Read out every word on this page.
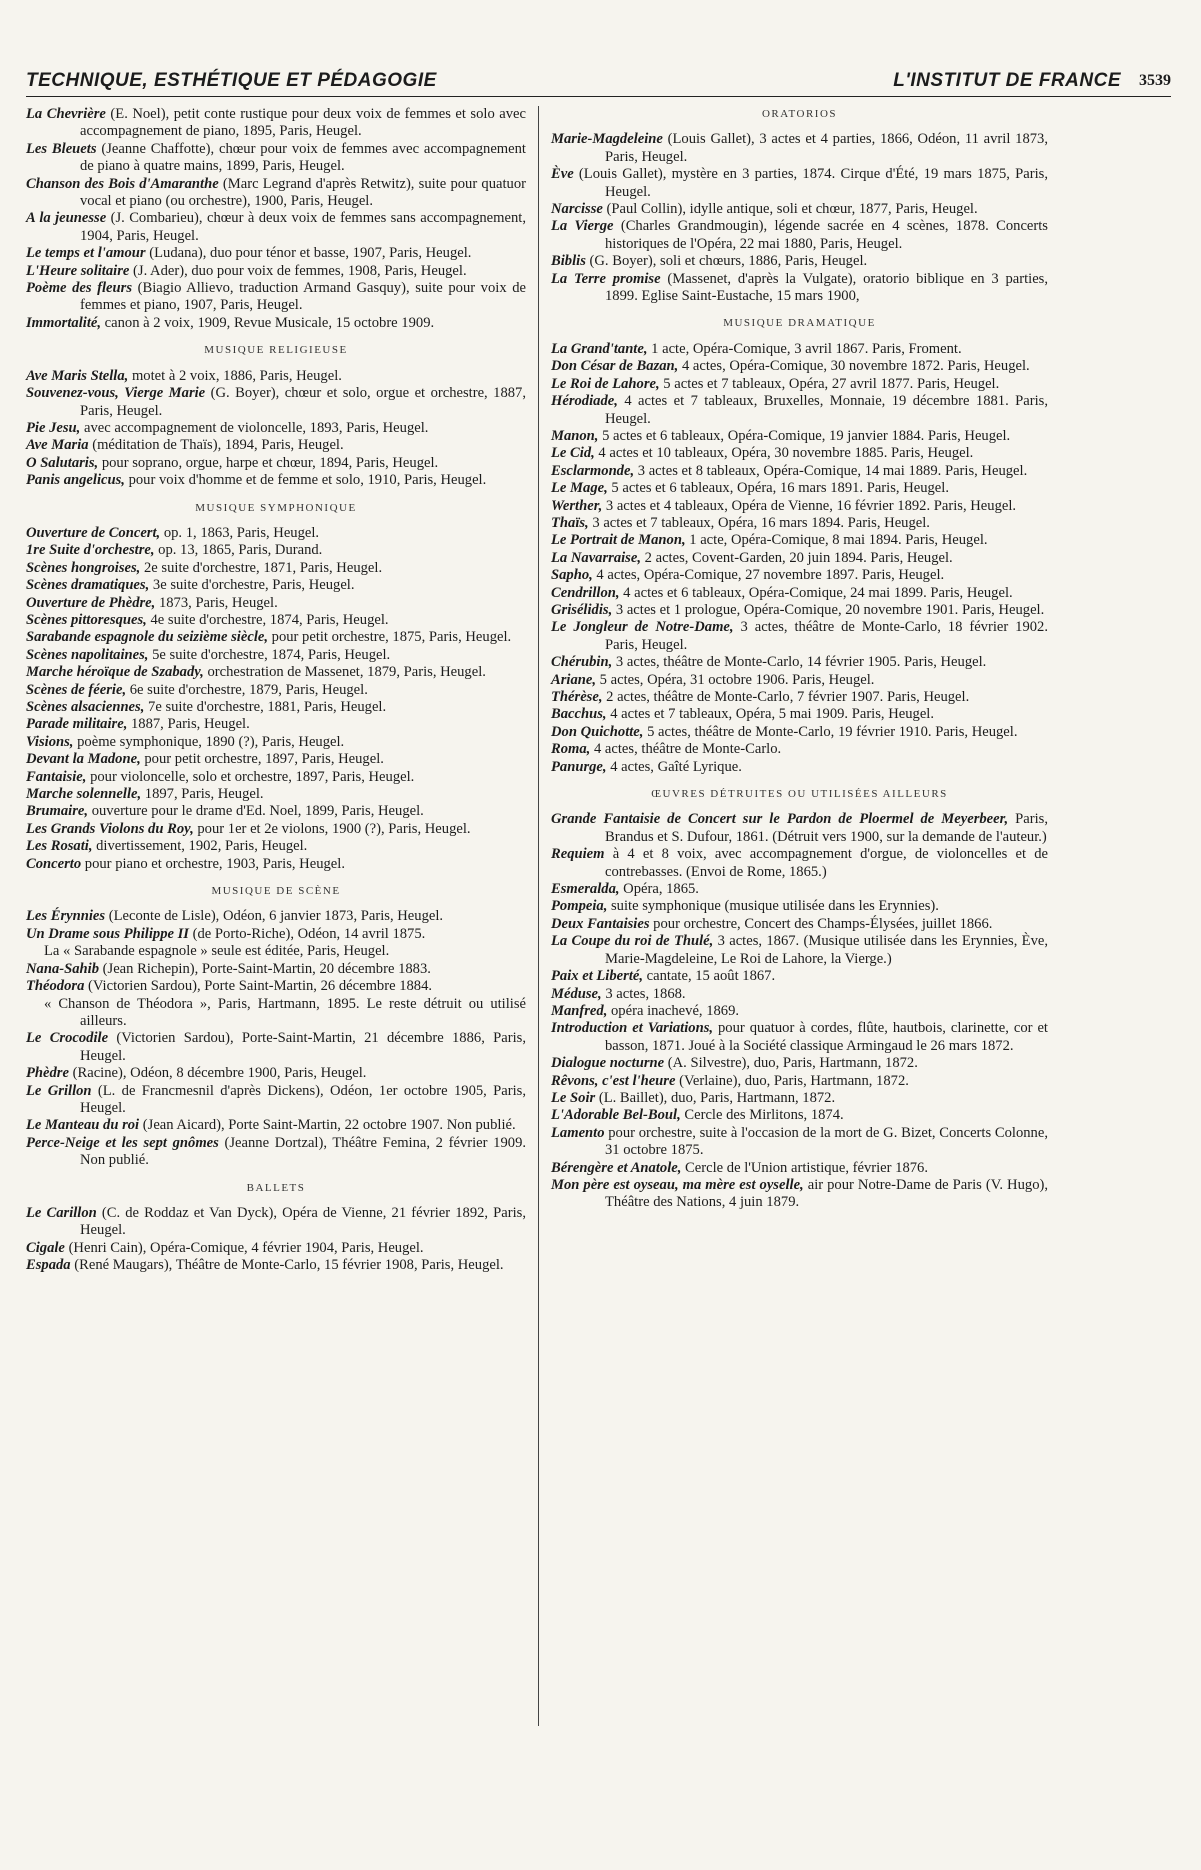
TECHNIQUE, ESTHÉTIQUE ET PÉDAGOGIE	L'INSTITUT DE FRANCE 3539
La Chevrière (E. Noel), petit conte rustique pour deux voix de femmes et solo avec accompagnement de piano, 1895, Paris, Heugel.
Les Bleuets (Jeanne Chaffotte), chœur pour voix de femmes avec accompagnement de piano à quatre mains, 1899, Paris, Heugel.
Chanson des Bois d'Amaranthe (Marc Legrand d'après Retwitz), suite pour quatuor vocal et piano (ou orchestre), 1900, Paris, Heugel.
A la jeunesse (J. Combarieu), chœur à deux voix de femmes sans accompagnement, 1904, Paris, Heugel.
Le temps et l'amour (Ludana), duo pour ténor et basse, 1907, Paris, Heugel.
L'Heure solitaire (J. Ader), duo pour voix de femmes, 1908, Paris, Heugel.
Poème des fleurs (Biagio Allievo, traduction Armand Gasquy), suite pour voix de femmes et piano, 1907, Paris, Heugel.
Immortalité, canon à 2 voix, 1909, Revue Musicale, 15 octobre 1909.
MUSIQUE RELIGIEUSE
Ave Maris Stella, motet à 2 voix, 1886, Paris, Heugel.
Souvenez-vous, Vierge Marie (G. Boyer), chœur et solo, orgue et orchestre, 1887, Paris, Heugel.
Pie Jesu, avec accompagnement de violoncelle, 1893, Paris, Heugel.
Ave Maria (méditation de Thaïs), 1894, Paris, Heugel.
O Salutaris, pour soprano, orgue, harpe et chœur, 1894, Paris, Heugel.
Panis angelicus, pour voix d'homme et de femme et solo, 1910, Paris, Heugel.
MUSIQUE SYMPHONIQUE
Ouverture de Concert, op. 1, 1863, Paris, Heugel.
1re Suite d'orchestre, op. 13, 1865, Paris, Durand.
Scènes hongroises, 2e suite d'orchestre, 1871, Paris, Heugel.
Scènes dramatiques, 3e suite d'orchestre, Paris, Heugel.
Ouverture de Phèdre, 1873, Paris, Heugel.
Scènes pittoresques, 4e suite d'orchestre, 1874, Paris, Heugel.
Sarabande espagnole du seizième siècle, pour petit orchestre, 1875, Paris, Heugel.
Scènes napolitaines, 5e suite d'orchestre, 1874, Paris, Heugel.
Marche héroïque de Szabady, orchestration de Massenet, 1879, Paris, Heugel.
Scènes de féerie, 6e suite d'orchestre, 1879, Paris, Heugel.
Scènes alsaciennes, 7e suite d'orchestre, 1881, Paris, Heugel.
Parade militaire, 1887, Paris, Heugel.
Visions, poème symphonique, 1890 (?), Paris, Heugel.
Devant la Madone, pour petit orchestre, 1897, Paris, Heugel.
Fantaisie, pour violoncelle, solo et orchestre, 1897, Paris, Heugel.
Marche solennelle, 1897, Paris, Heugel.
Brumaire, ouverture pour le drame d'Ed. Noel, 1899, Paris, Heugel.
Les Grands Violons du Roy, pour 1er et 2e violons, 1900 (?), Paris, Heugel.
Les Rosati, divertissement, 1902, Paris, Heugel.
Concerto pour piano et orchestre, 1903, Paris, Heugel.
MUSIQUE DE SCÈNE
Les Érynnies (Leconte de Lisle), Odéon, 6 janvier 1873, Paris, Heugel.
Un Drame sous Philippe II (de Porto-Riche), Odéon, 14 avril 1875.
La « Sarabande espagnole » seule est éditée, Paris, Heugel.
Nana-Sahib (Jean Richepin), Porte-Saint-Martin, 20 décembre 1883.
Théodora (Victorien Sardou), Porte Saint-Martin, 26 décembre 1884.
« Chanson de Théodora », Paris, Hartmann, 1895. Le reste détruit ou utilisé ailleurs.
Le Crocodile (Victorien Sardou), Porte-Saint-Martin, 21 décembre 1886, Paris, Heugel.
Phèdre (Racine), Odéon, 8 décembre 1900, Paris, Heugel.
Le Grillon (L. de Francmesnil d'après Dickens), Odéon, 1er octobre 1905, Paris, Heugel.
Le Manteau du roi (Jean Aicard), Porte Saint-Martin, 22 octobre 1907. Non publié.
Perce-Neige et les sept gnômes (Jeanne Dortzal), Théâtre Femina, 2 février 1909. Non publié.
BALLETS
Le Carillon (C. de Roddaz et Van Dyck), Opéra de Vienne, 21 février 1892, Paris, Heugel.
Cigale (Henri Cain), Opéra-Comique, 4 février 1904, Paris, Heugel.
Espada (René Maugars), Théâtre de Monte-Carlo, 15 février 1908, Paris, Heugel.
ORATORIOS
Marie-Magdeleine (Louis Gallet), 3 actes et 4 parties, 1866, Odéon, 11 avril 1873, Paris, Heugel.
Ève (Louis Gallet), mystère en 3 parties, 1874. Cirque d'Été, 19 mars 1875, Paris, Heugel.
Narcisse (Paul Collin), idylle antique, soli et chœur, 1877, Paris, Heugel.
La Vierge (Charles Grandmougin), légende sacrée en 4 scènes, 1878. Concerts historiques de l'Opéra, 22 mai 1880, Paris, Heugel.
Biblis (G. Boyer), soli et chœurs, 1886, Paris, Heugel.
La Terre promise (Massenet, d'après la Vulgate), oratorio biblique en 3 parties, 1899. Eglise Saint-Eustache, 15 mars 1900,
MUSIQUE DRAMATIQUE
La Grand'tante, 1 acte, Opéra-Comique, 3 avril 1867. Paris, Froment.
Don César de Bazan, 4 actes, Opéra-Comique, 30 novembre 1872. Paris, Heugel.
Le Roi de Lahore, 5 actes et 7 tableaux, Opéra, 27 avril 1877. Paris, Heugel.
Hérodiade, 4 actes et 7 tableaux, Bruxelles, Monnaie, 19 décembre 1881. Paris, Heugel.
Manon, 5 actes et 6 tableaux, Opéra-Comique, 19 janvier 1884. Paris, Heugel.
Le Cid, 4 actes et 10 tableaux, Opéra, 30 novembre 1885. Paris, Heugel.
Esclarmonde, 3 actes et 8 tableaux, Opéra-Comique, 14 mai 1889. Paris, Heugel.
Le Mage, 5 actes et 6 tableaux, Opéra, 16 mars 1891. Paris, Heugel.
Werther, 3 actes et 4 tableaux, Opéra de Vienne, 16 février 1892. Paris, Heugel.
Thaïs, 3 actes et 7 tableaux, Opéra, 16 mars 1894. Paris, Heugel.
Le Portrait de Manon, 1 acte, Opéra-Comique, 8 mai 1894. Paris, Heugel.
La Navarraise, 2 actes, Covent-Garden, 20 juin 1894. Paris, Heugel.
Sapho, 4 actes, Opéra-Comique, 27 novembre 1897. Paris, Heugel.
Cendrillon, 4 actes et 6 tableaux, Opéra-Comique, 24 mai 1899. Paris, Heugel.
Grisélidis, 3 actes et 1 prologue, Opéra-Comique, 20 novembre 1901. Paris, Heugel.
Le Jongleur de Notre-Dame, 3 actes, théâtre de Monte-Carlo, 18 février 1902. Paris, Heugel.
Chérubin, 3 actes, théâtre de Monte-Carlo, 14 février 1905. Paris, Heugel.
Ariane, 5 actes, Opéra, 31 octobre 1906. Paris, Heugel.
Thérèse, 2 actes, théâtre de Monte-Carlo, 7 février 1907. Paris, Heugel.
Bacchus, 4 actes et 7 tableaux, Opéra, 5 mai 1909. Paris, Heugel.
Don Quichotte, 5 actes, théâtre de Monte-Carlo, 19 février 1910. Paris, Heugel.
Roma, 4 actes, théâtre de Monte-Carlo.
Panurge, 4 actes, Gaîté Lyrique.
ŒUVRES DÉTRUITES OU UTILISÉES AILLEURS
Grande Fantaisie de Concert sur le Pardon de Ploermel de Meyerbeer, Paris, Brandus et S. Dufour, 1861. (Détruit vers 1900, sur la demande de l'auteur.)
Requiem à 4 et 8 voix, avec accompagnement d'orgue, de violoncelles et de contrebasses. (Envoi de Rome, 1865.)
Esmeralda, Opéra, 1865.
Pompeia, suite symphonique (musique utilisée dans les Erynnies).
Deux Fantaisies pour orchestre, Concert des Champs-Élysées, juillet 1866.
La Coupe du roi de Thulé, 3 actes, 1867. (Musique utilisée dans les Erynnies, Ève, Marie-Magdeleine, Le Roi de Lahore, la Vierge.)
Paix et Liberté, cantate, 15 août 1867.
Méduse, 3 actes, 1868.
Manfred, opéra inachevé, 1869.
Introduction et Variations, pour quatuor à cordes, flûte, hautbois, clarinette, cor et basson, 1871. Joué à la Société classique Armingaud le 26 mars 1872.
Dialogue nocturne (A. Silvestre), duo, Paris, Hartmann, 1872.
Rêvons, c'est l'heure (Verlaine), duo, Paris, Hartmann, 1872.
Le Soir (L. Baillet), duo, Paris, Hartmann, 1872.
L'Adorable Bel-Boul, Cercle des Mirlitons, 1874.
Lamento pour orchestre, suite à l'occasion de la mort de G. Bizet, Concerts Colonne, 31 octobre 1875.
Bérengère et Anatole, Cercle de l'Union artistique, février 1876.
Mon père est oyseau, ma mère est oyselle, air pour Notre-Dame de Paris (V. Hugo), Théâtre des Nations, 4 juin 1879.
